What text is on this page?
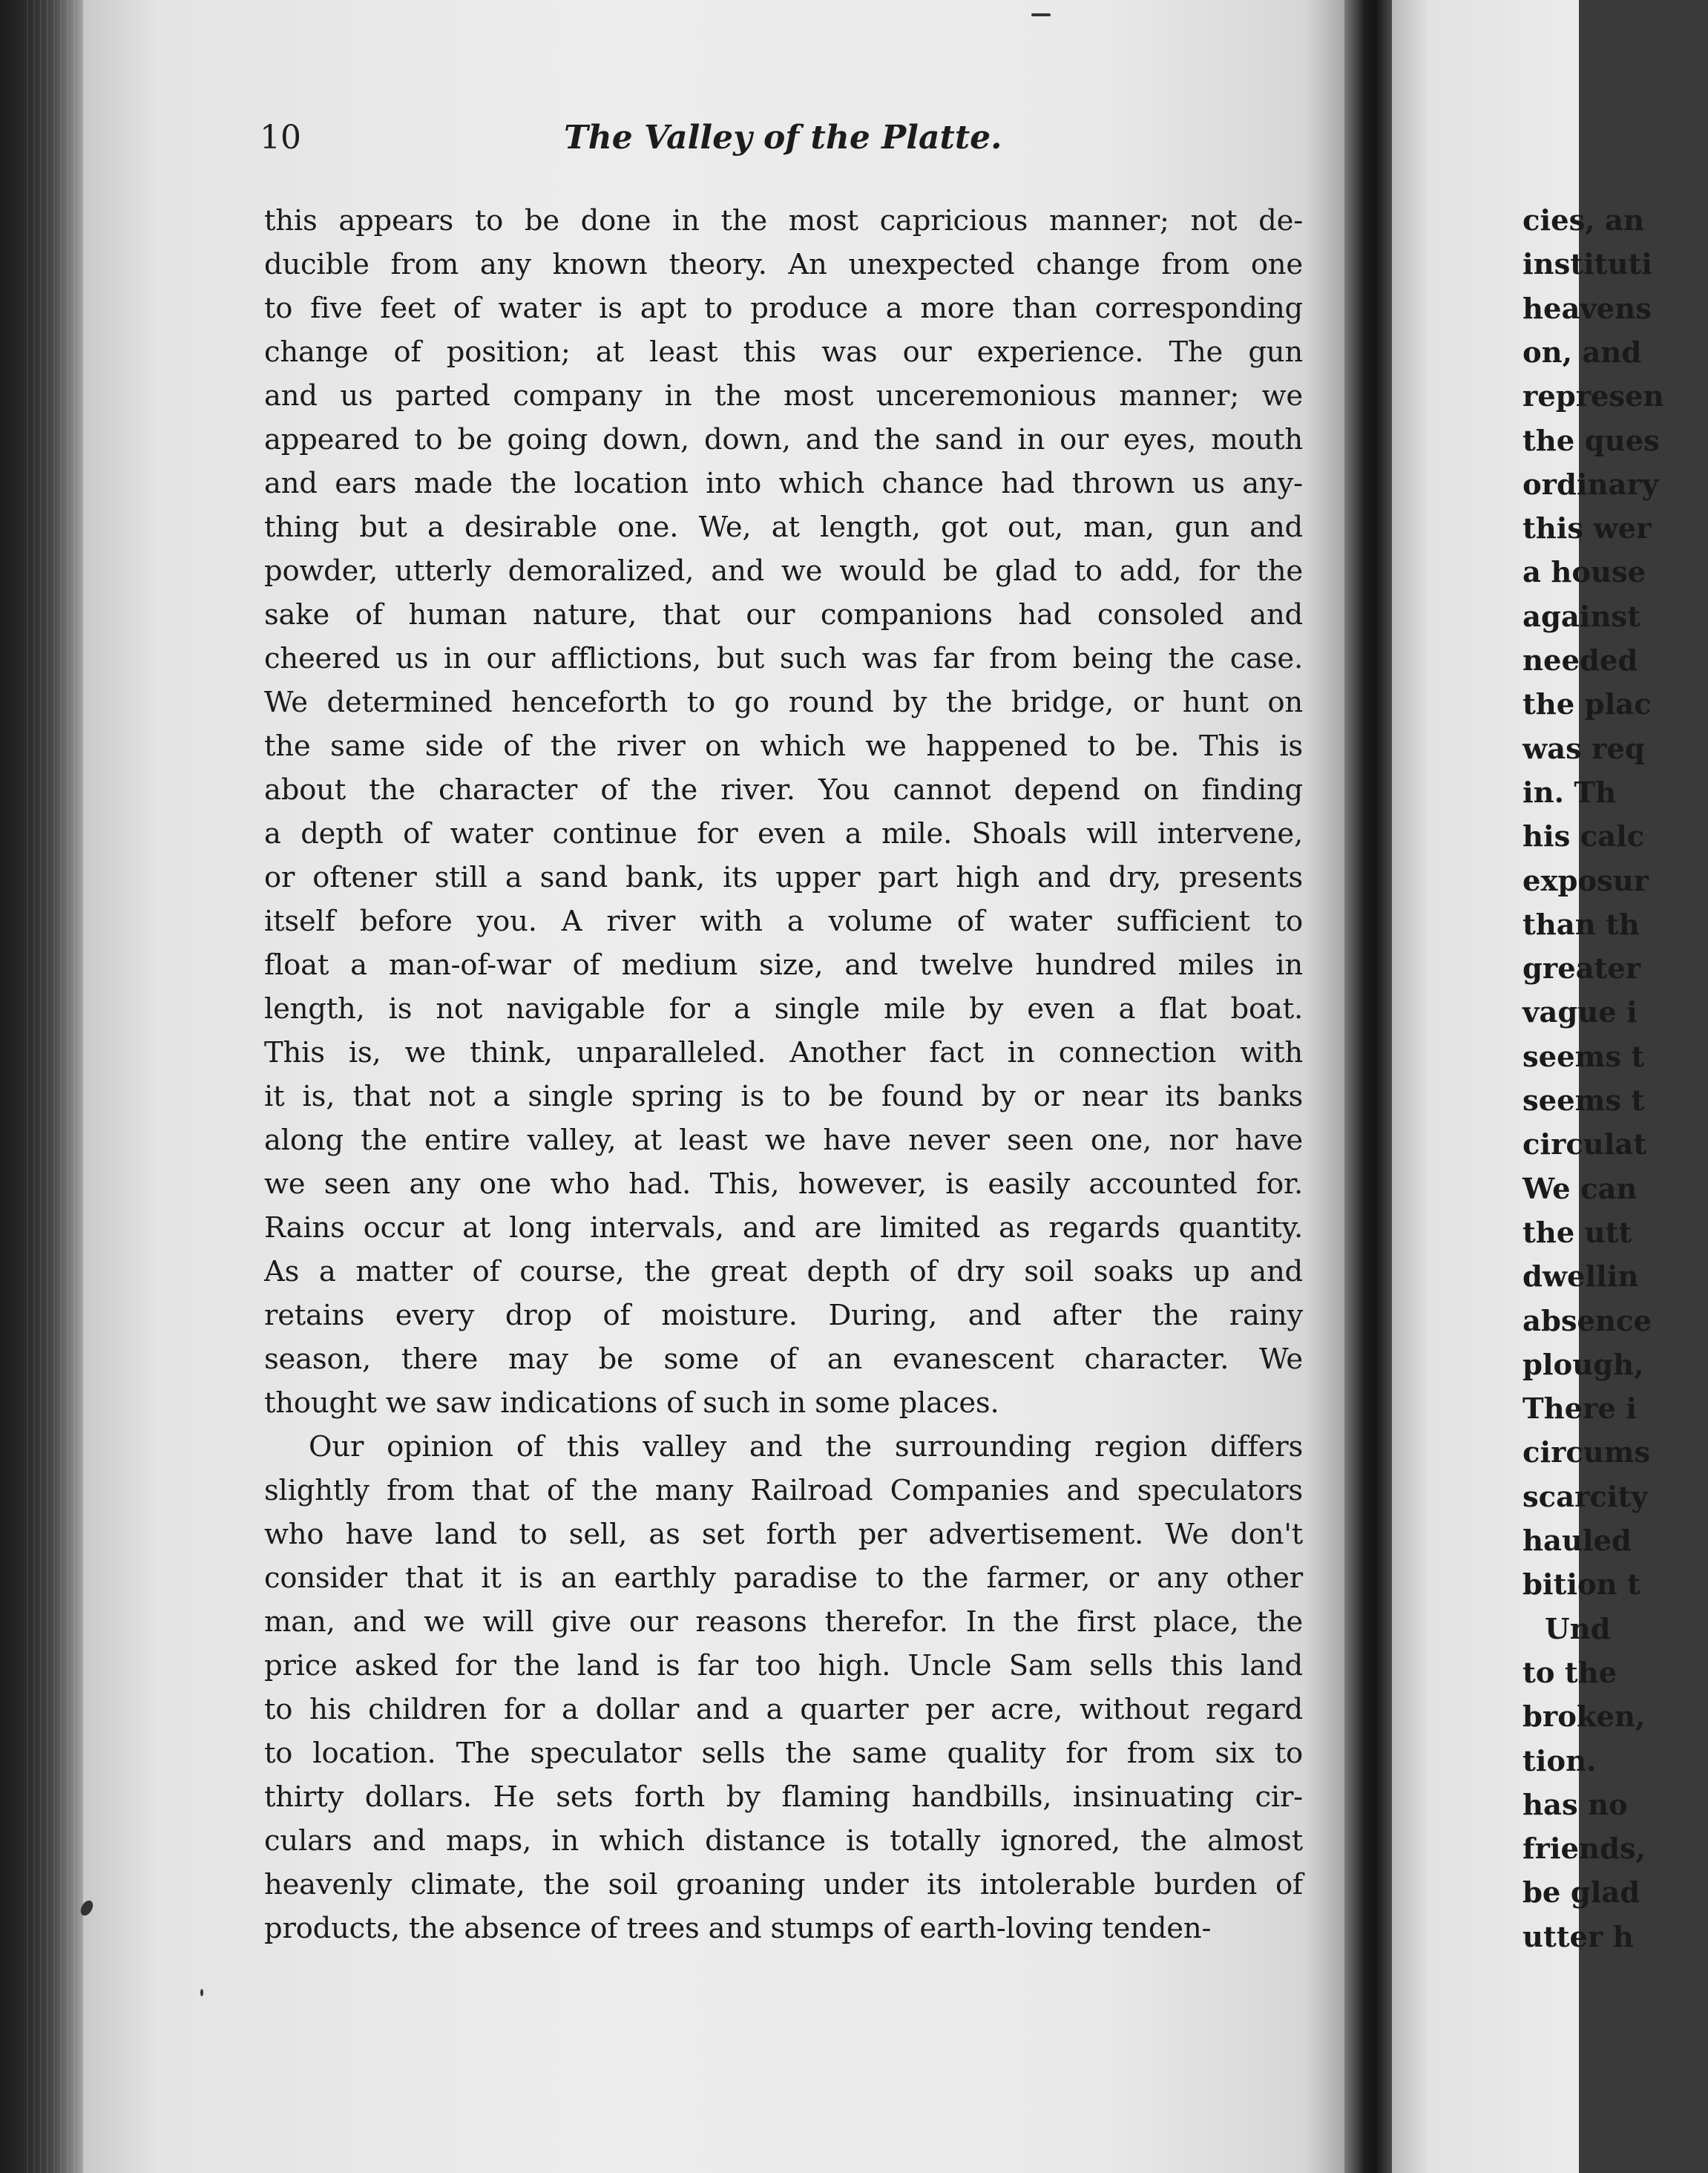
10	The Valley of the Platte.
this appears to be done in the most capricious manner; not de-
ducible from any known theory. An unexpected change from one
to five feet of water is apt to produce a more than corresponding
change of position; at least this was our experience. The gun
and us parted company in the most unceremonious manner; we
appeared to be going down, down, and the sand in our eyes, mouth
and ears made the location into which chance had thrown us any-
thing but a desirable one. We, at length, got out, man, gun and
powder, utterly demoralized, and we would be glad to add, for the
sake of human nature, that our companions had consoled and
cheered us in our afflictions, but such was far from being the case.
We determined henceforth to go round by the bridge, or hunt on
the same side of the river on which we happened to be. This is
about the character of the river. You cannot depend on finding
a depth of water continue for even a mile. Shoals will intervene,
or oftener still a sand bank, its upper part high and dry, presents
itself before you. A river with a volume of water sufficient to
float a man-of-war of medium size, and twelve hundred miles in
length, is not navigable for a single mile by even a flat boat.
This is, we think, unparalleled. Another fact in connection with
it is, that not a single spring is to be found by or near its banks
along the entire valley, at least we have never seen one, nor have
we seen any one who had. This, however, is easily accounted for.
Rains occur at long intervals, and are limited as regards quantity.
As a matter of course, the great depth of dry soil soaks up and
retains every drop of moisture. During, and after the rainy
season, there may be some of an evanescent character. We
thought we saw indications of such in some places.
Our opinion of this valley and the surrounding region differs
slightly from that of the many Railroad Companies and speculators
who have land to sell, as set forth per advertisement. We don't
consider that it is an earthly paradise to the farmer, or any other
man, and we will give our reasons therefor. In the first place, the
price asked for the land is far too high. Uncle Sam sells this land
to his children for a dollar and a quarter per acre, without regard
to location. The speculator sells the same quality for from six to
thirty dollars. He sets forth by flaming handbills, insinuating cir-
culars and maps, in which distance is totally ignored, the almost
heavenly climate, the soil groaning under its intolerable burden of
products, the absence of trees and stumps of earth-loving tenden-
cies, an
instituti
heavens
on, and
represen
the ques
ordinary
this wer
a house
against
needed
the plac
was req
in. Th
his calc
exposur
than th
greater
vague i
seems t
seems t
circulat
We can
the utt
dwellin
absence
plough,
There i
circums
scarcity
hauled
bition t
Und
to the
broken,
tion.
has no
friends,
be glad
utter h
